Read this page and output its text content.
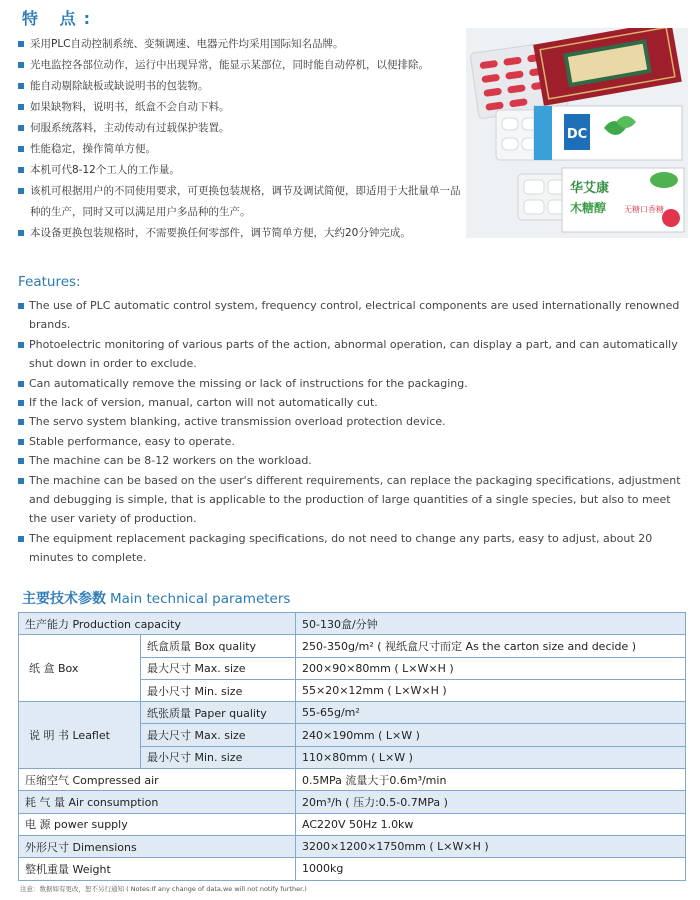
特 点:
采用PLC自动控制系统、变频调速、电器元件均采用国际知名品牌。
光电监控各部位动作，运行中出现异常，能显示某部位，同时能自动停机，以便排除。
能自动剔除缺板或缺说明书的包装物。
如果缺物料，说明书，纸盒不会自动下料。
伺服系统落料，主动传动有过载保护装置。
性能稳定，操作简单方便。
本机可代8-12个工人的工作量。
该机可根据用户的不同使用要求，可更换包装规格，调节及调试简便，即适用于大批量单一品种的生产，同时又可以满足用户多品种的生产。
本设备更换包装规格时，不需要换任何零部件，调节简单方便，大约20分钟完成。
DC
华艾康
木糖醇 无糖口香糖
Features:
The use of PLC automatic control system, frequency control, electrical components are used internationally renowned brands.
Photoelectric monitoring of various parts of the action, abnormal operation, can display a part, and can automatically shut down in order to exclude.
Can automatically remove the missing or lack of instructions for the packaging.
If the lack of version, manual, carton will not automatically cut.
The servo system blanking, active transmission overload protection device.
Stable performance, easy to operate.
The machine can be 8-12 workers on the workload.
The machine can be based on the user's different requirements, can replace the packaging specifications, adjustment and debugging is simple, that is applicable to the production of large quantities of a single species, but also to meet the user variety of production.
The equipment replacement packaging specifications, do not need to change any parts, easy to adjust, about 20 minutes to complete.
主要技术参数 Main technical parameters
生产能力 Production capacity		50-130盒/分钟
纸 盒 Box	纸盒质量 Box quality	250-350g/m² ( 视纸盒尺寸而定 As the carton size and decide )
	最大尺寸 Max. size	200×90×80mm ( L×W×H )
	最小尺寸 Min. size	55×20×12mm ( L×W×H )
说 明 书 Leaflet	纸张质量 Paper quality	55-65g/m²
	最大尺寸 Max. size	240×190mm ( L×W )
	最小尺寸 Min. size	110×80mm ( L×W )
压缩空气 Compressed air		0.5MPa 流量大于0.6m³/min
耗 气 量 Air consumption		20m³/h ( 压力:0.5-0.7MPa )
电 源 power supply		AC220V 50Hz 1.0kw
外形尺寸 Dimensions		3200×1200×1750mm ( L×W×H )
整机重量 Weight		1000kg
注意：数据如有更改，恕不另行通知 ( Notes:If any change of data,we will not notify further.)
